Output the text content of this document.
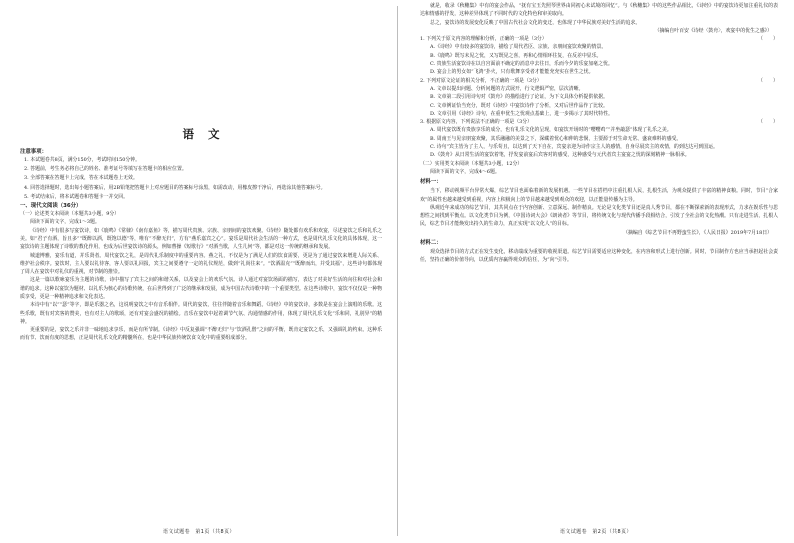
语文
注意事项：
1. 本试题卷共8页，满分150分，考试时间150分钟。
2. 答题前，考生务必将自己的姓名、准考证号等填写在答题卡的相应位置。
3. 全部答案在答题卡上完成，答在本试题卷上无效。
4. 回答选择题时，选出每小题答案后，用2B铅笔把答题卡上对应题目的答案标号涂黑，如需改动，用橡皮擦干净后，再选涂其他答案标号。
5. 考试结束后，将本试题卷和答题卡一并交回。
一、现代文阅读（36分）
（一）论述类文本阅读（本题共3小题，9分）
阅读下面的文字，完成1～3题。
《诗经》中有很多写宴饮诗，如《鹿鸣》《常棣》《南有嘉鱼》等，描写周代贵族、宗族、亲朋间的宴饮欢聚。《诗经》随处都有欢乐和欢宴，尽述宴饮之乐和礼乐之美。如“君子有酒，旨且多”“既醉以酒，既饱以德”等，唯有“不醉无归”，方有“燕乐嘉宾之心”。宴乐是周代社会生活的一种方式，也是周代礼乐文化的具体体现，这一宴饮诗的主题体现了诗歌的教化作用，也成为后世宴饮诗的源头，例如曹操《短歌行》“对酒当歌，人生几何”等，都是对这一传统的继承和发展。
城道博雅，宴乐有道，并乐贤者。周代宴饮之礼，是周代礼乐制度中的重要内容。燕之礼，不仅是为了满足人们的饮食需要，更是为了通过宴饮来增进人际关系、维护社会秩序。宴饮时，主人要以礼待客，客人要以礼回报，宾主之间要遵守一定的礼仪规范，做到“礼尚往来”。“饮酒温克”“既醉而出，并受其福”，这些诗句都体现了周人在宴饮中对礼仪的重视，对节制的推崇。
这是一篇以歌咏宴乐为主题的诗歌，诗中描写了宾主之间的和谐关系，以及宴会上的欢乐气氛。诗人通过对宴饮场面的描写，表达了对美好生活的向往和对社会和谐的追求。这种以宴饮为题材、以礼乐为核心的诗歌传统，在后世得到了广泛的继承和发展，成为中国古代诗歌中的一个重要类型。在这些诗歌中，宴饮不仅仅是一种物质享受，更是一种精神追求和文化表达。
本诗中有“以”“瑟”等字，即是乐器之名，这说明宴饮之中有音乐相伴。周代的宴饮，往往伴随着音乐和舞蹈。《诗经》中的宴饮诗，多数是在宴会上演唱的乐歌。这些乐歌，既有对宾客的赞美，也有对主人的歌颂，还有对宴会盛况的描绘。音乐在宴饮中起着调节气氛、沟通情感的作用，体现了周代礼乐文化“乐和同，礼别异”的精神。
更重要的是，宴饮之乐并非一味地追求享乐，而是有所节制。《诗经》中反复强调“不醉无归”与“饮酒孔偕”之间的平衡，既肯定宴饮之乐，又强调礼的约束。这种乐而有节、饮而有度的思想，正是周代礼乐文化的精髓所在，也是中华民族传统饮食文化中的重要组成部分。
语文试题卷　第1页（共8页）
就是，收录《秋穗集》中有的宴会作品，“抚有宝玉先照琴世界由同初心未试境的回忆”。与《秋穗集》中的这些作品相比，《诗经》中的宴饮诗更加注重礼仪的表达和情感的抒发，这种差异体现了不同时代的文化特色和审美取向。
总之，宴饮诗的发展变化反映了中国古代社会文化的变迁，也体现了中华民族对美好生活的追求。
（摘编自叶百安《诗经〈鼓舟〉，欢宴中的优生之感》）
1. 下列关于原文内容的理解和分析，正确的一项是（3分）	（　　）
A.《诗经》中有较多的宴饮诗，描绘了周代君臣、宗族、亲朋间宴饮欢聚的情景。
B.《鹿鸣》既写未见之忧，又写既见之喜，再和心情相环往复，在反差中显乐。
C. 贵族生活宴饮诗在以自宫面前不确定的消息中去往日，乐而今夕的乐宴加毫之忧。
D. 宴会上的男女如“飞鸿”扑火，只有歌舞享受者才能能充充实在世生之忧。
2. 下列对原文论证的相关分析，不正确的一项是（3分）	（　　）
A. 文章以提出问题、分析问题的方式展开，行文逻辑严密，层次清晰。
B. 文章第二段引用诗句对《鼓舟》的描绘进行了论证，为下文具体分析提供依据。
C. 文章例证恰当充分，既对《诗经》中宴饮诗作了分析，又对后世作品作了比较。
D. 文章引用《诗经》诗句，在重申优生之忧观点基础上，进一步揭示了其时代特性。
3. 根据原文内容，下列说法不正确的一项是（3分）	（　　）
A. 周代宴饮既有贵族享乐的成分，也有礼乐文化的呈现，如宴饮开场时的“嘤嘤鸡”“并坐敲瑟”体现了礼乐之美。
B. 周南王与见亲朋宴欢聚，其乐融融的美景之下，深藏着忧心和伸的悲悯，主要源于对生命无常、盛衰难料的感受。
C. 诗句“宾主皆为了主人，与乐苟且，以达到了天下自在，宾宴亲迎为诗作宗主人的感情，自身尽展宾主的欢情，的到达达可到国运。
D.《鼓舟》从日常生活的宴饮着笔，抒发宴前宴后宾客对的感受，这种感受与元代者宾主宴宴之忧的深刻精神一脉相承。
（二）实用类文本阅读（本题共3小题，12分）
阅读下面的文字，完成4～6题。
材料一：
当下，移动视频平台异常火爆，综艺节目也面临着新的发展机遇。一些节目在搭档中注重扎根人民，扎根生活，为观众提供了丰富的精神食粮。同时，节目“合家欢”的属性也越来越受到重视，内容上积极向上的节目越来越受到观众的欢迎，以正能量传播为主导。
纵观近年来成功的综艺节目，其共同点在于内容创新、立意深远、制作精良。无论是文化类节目还是真人秀节目，都在不断探索新的表现形式，力求在娱乐性与思想性之间找到平衡点。以文化类节目为例，《中国诗词大会》《朗读者》等节目，将传统文化与现代传播手段相结合，引发了全社会的文化热潮。只有走进生活，扎根人民，综艺节目才能焕发出持久的生命力，真正实现“以文化人”的目标。
（摘编自《综艺节目不再野蛮生长》，《人民日报》2019年7月18日）
材料二：
观众选择节目的方式正在发生变化，移动端成为重要的收视渠道。综艺节目需要适应这种变化，在内容和形式上进行创新。同时，节目制作方也应当承担起社会责任，坚持正确的价值导向，以优质内容赢得观众的信任，为“向”引导。
语文试题卷　第2页（共8页）
